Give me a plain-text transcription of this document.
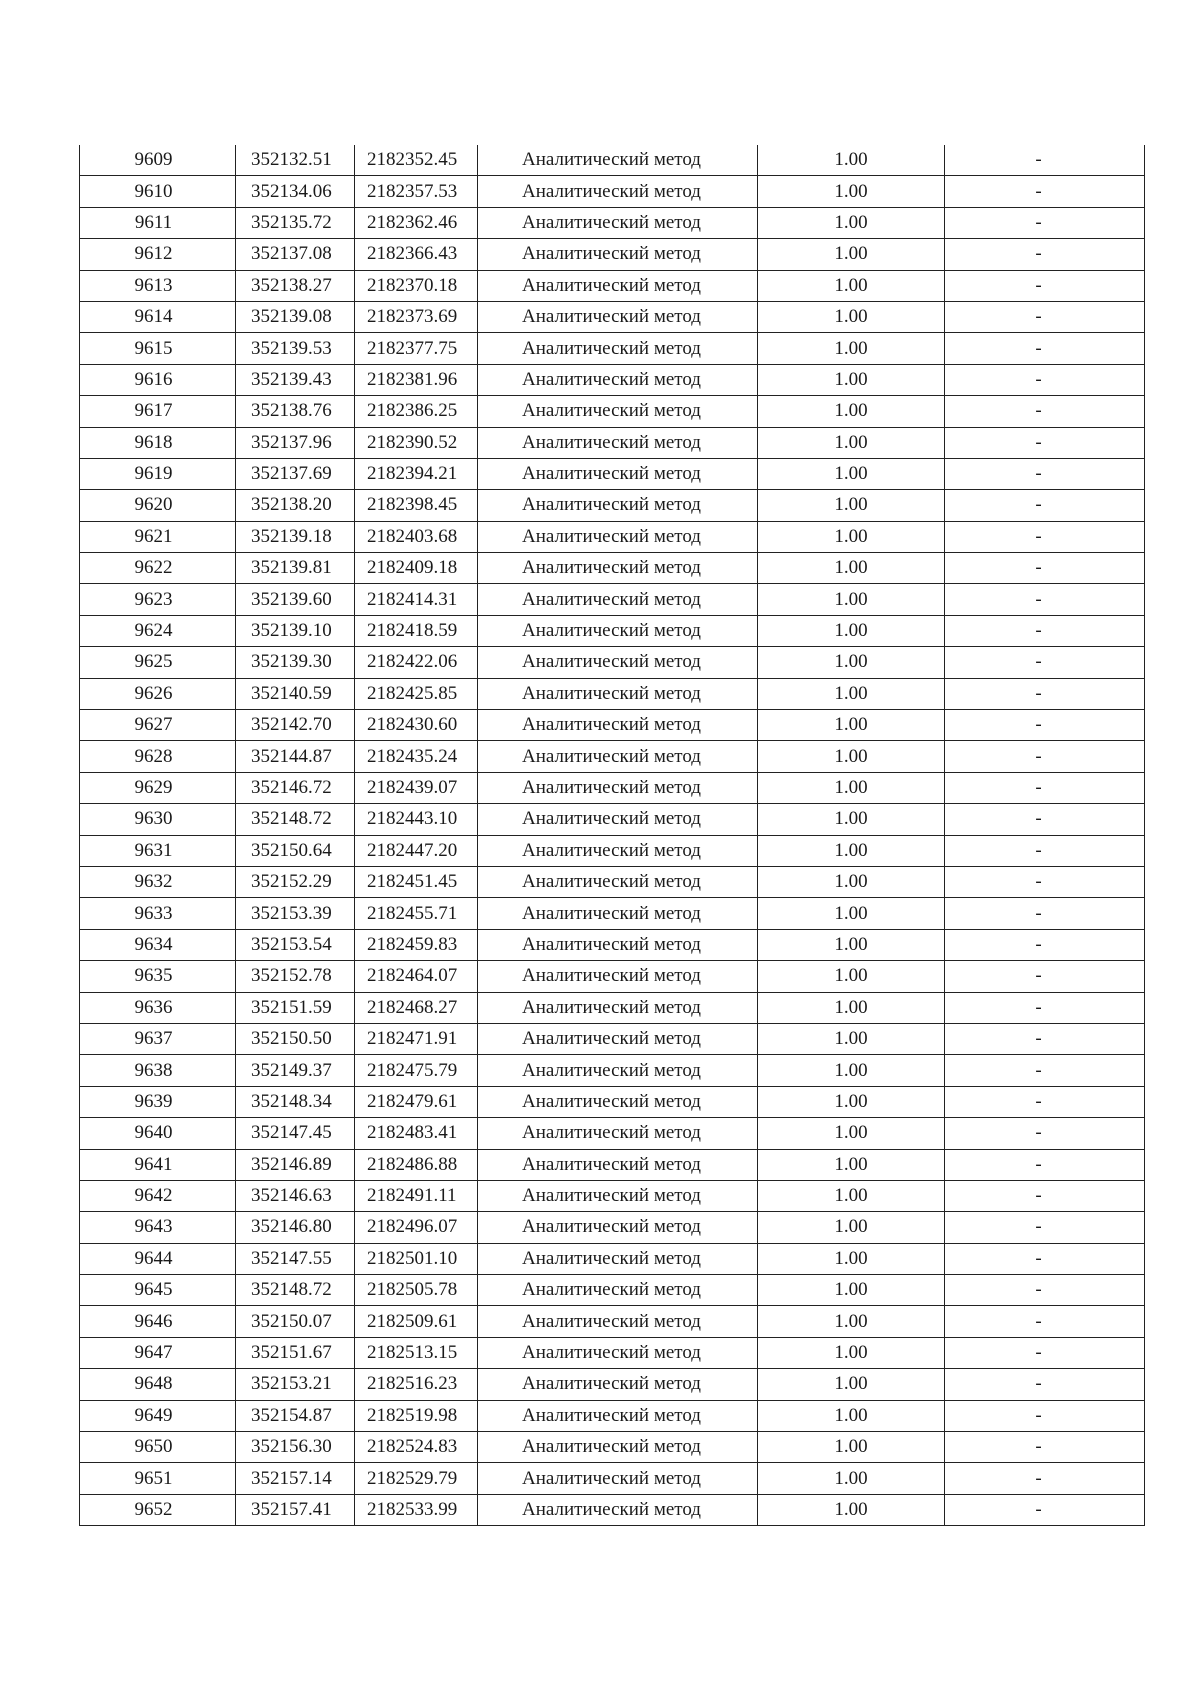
9609	352132.51	2182352.45	Аналитический метод	1.00	-
9610	352134.06	2182357.53	Аналитический метод	1.00	-
9611	352135.72	2182362.46	Аналитический метод	1.00	-
9612	352137.08	2182366.43	Аналитический метод	1.00	-
9613	352138.27	2182370.18	Аналитический метод	1.00	-
9614	352139.08	2182373.69	Аналитический метод	1.00	-
9615	352139.53	2182377.75	Аналитический метод	1.00	-
9616	352139.43	2182381.96	Аналитический метод	1.00	-
9617	352138.76	2182386.25	Аналитический метод	1.00	-
9618	352137.96	2182390.52	Аналитический метод	1.00	-
9619	352137.69	2182394.21	Аналитический метод	1.00	-
9620	352138.20	2182398.45	Аналитический метод	1.00	-
9621	352139.18	2182403.68	Аналитический метод	1.00	-
9622	352139.81	2182409.18	Аналитический метод	1.00	-
9623	352139.60	2182414.31	Аналитический метод	1.00	-
9624	352139.10	2182418.59	Аналитический метод	1.00	-
9625	352139.30	2182422.06	Аналитический метод	1.00	-
9626	352140.59	2182425.85	Аналитический метод	1.00	-
9627	352142.70	2182430.60	Аналитический метод	1.00	-
9628	352144.87	2182435.24	Аналитический метод	1.00	-
9629	352146.72	2182439.07	Аналитический метод	1.00	-
9630	352148.72	2182443.10	Аналитический метод	1.00	-
9631	352150.64	2182447.20	Аналитический метод	1.00	-
9632	352152.29	2182451.45	Аналитический метод	1.00	-
9633	352153.39	2182455.71	Аналитический метод	1.00	-
9634	352153.54	2182459.83	Аналитический метод	1.00	-
9635	352152.78	2182464.07	Аналитический метод	1.00	-
9636	352151.59	2182468.27	Аналитический метод	1.00	-
9637	352150.50	2182471.91	Аналитический метод	1.00	-
9638	352149.37	2182475.79	Аналитический метод	1.00	-
9639	352148.34	2182479.61	Аналитический метод	1.00	-
9640	352147.45	2182483.41	Аналитический метод	1.00	-
9641	352146.89	2182486.88	Аналитический метод	1.00	-
9642	352146.63	2182491.11	Аналитический метод	1.00	-
9643	352146.80	2182496.07	Аналитический метод	1.00	-
9644	352147.55	2182501.10	Аналитический метод	1.00	-
9645	352148.72	2182505.78	Аналитический метод	1.00	-
9646	352150.07	2182509.61	Аналитический метод	1.00	-
9647	352151.67	2182513.15	Аналитический метод	1.00	-
9648	352153.21	2182516.23	Аналитический метод	1.00	-
9649	352154.87	2182519.98	Аналитический метод	1.00	-
9650	352156.30	2182524.83	Аналитический метод	1.00	-
9651	352157.14	2182529.79	Аналитический метод	1.00	-
9652	352157.41	2182533.99	Аналитический метод	1.00	-
